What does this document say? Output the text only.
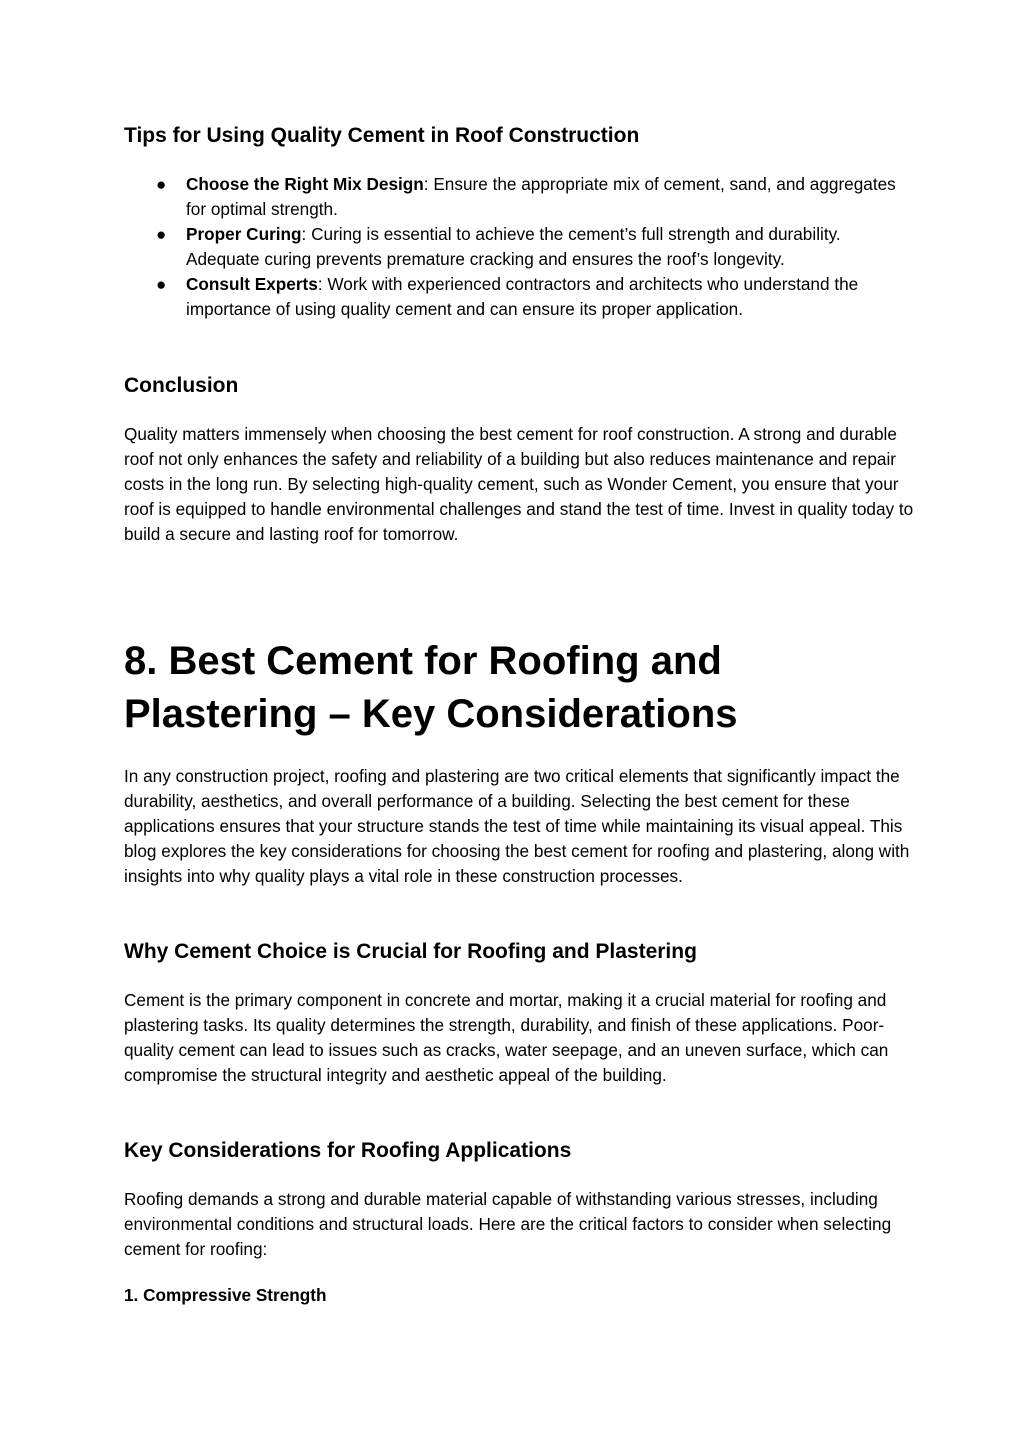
Tips for Using Quality Cement in Roof Construction
● Choose the Right Mix Design: Ensure the appropriate mix of cement, sand, and aggregates for optimal strength.
● Proper Curing: Curing is essential to achieve the cement’s full strength and durability. Adequate curing prevents premature cracking and ensures the roof’s longevity.
● Consult Experts: Work with experienced contractors and architects who understand the importance of using quality cement and can ensure its proper application.
Conclusion

Quality matters immensely when choosing the best cement for roof construction. A strong and durable roof not only enhances the safety and reliability of a building but also reduces maintenance and repair costs in the long run. By selecting high-quality cement, such as Wonder Cement, you ensure that your roof is equipped to handle environmental challenges and stand the test of time. Invest in quality today to build a secure and lasting roof for tomorrow.

8. Best Cement for Roofing and Plastering – Key Considerations

In any construction project, roofing and plastering are two critical elements that significantly impact the durability, aesthetics, and overall performance of a building. Selecting the best cement for these applications ensures that your structure stands the test of time while maintaining its visual appeal. This blog explores the key considerations for choosing the best cement for roofing and plastering, along with insights into why quality plays a vital role in these construction processes.

Why Cement Choice is Crucial for Roofing and Plastering

Cement is the primary component in concrete and mortar, making it a crucial material for roofing and plastering tasks. Its quality determines the strength, durability, and finish of these applications. Poor-quality cement can lead to issues such as cracks, water seepage, and an uneven surface, which can compromise the structural integrity and aesthetic appeal of the building.

Key Considerations for Roofing Applications

Roofing demands a strong and durable material capable of withstanding various stresses, including environmental conditions and structural loads. Here are the critical factors to consider when selecting cement for roofing:

1. Compressive Strength
